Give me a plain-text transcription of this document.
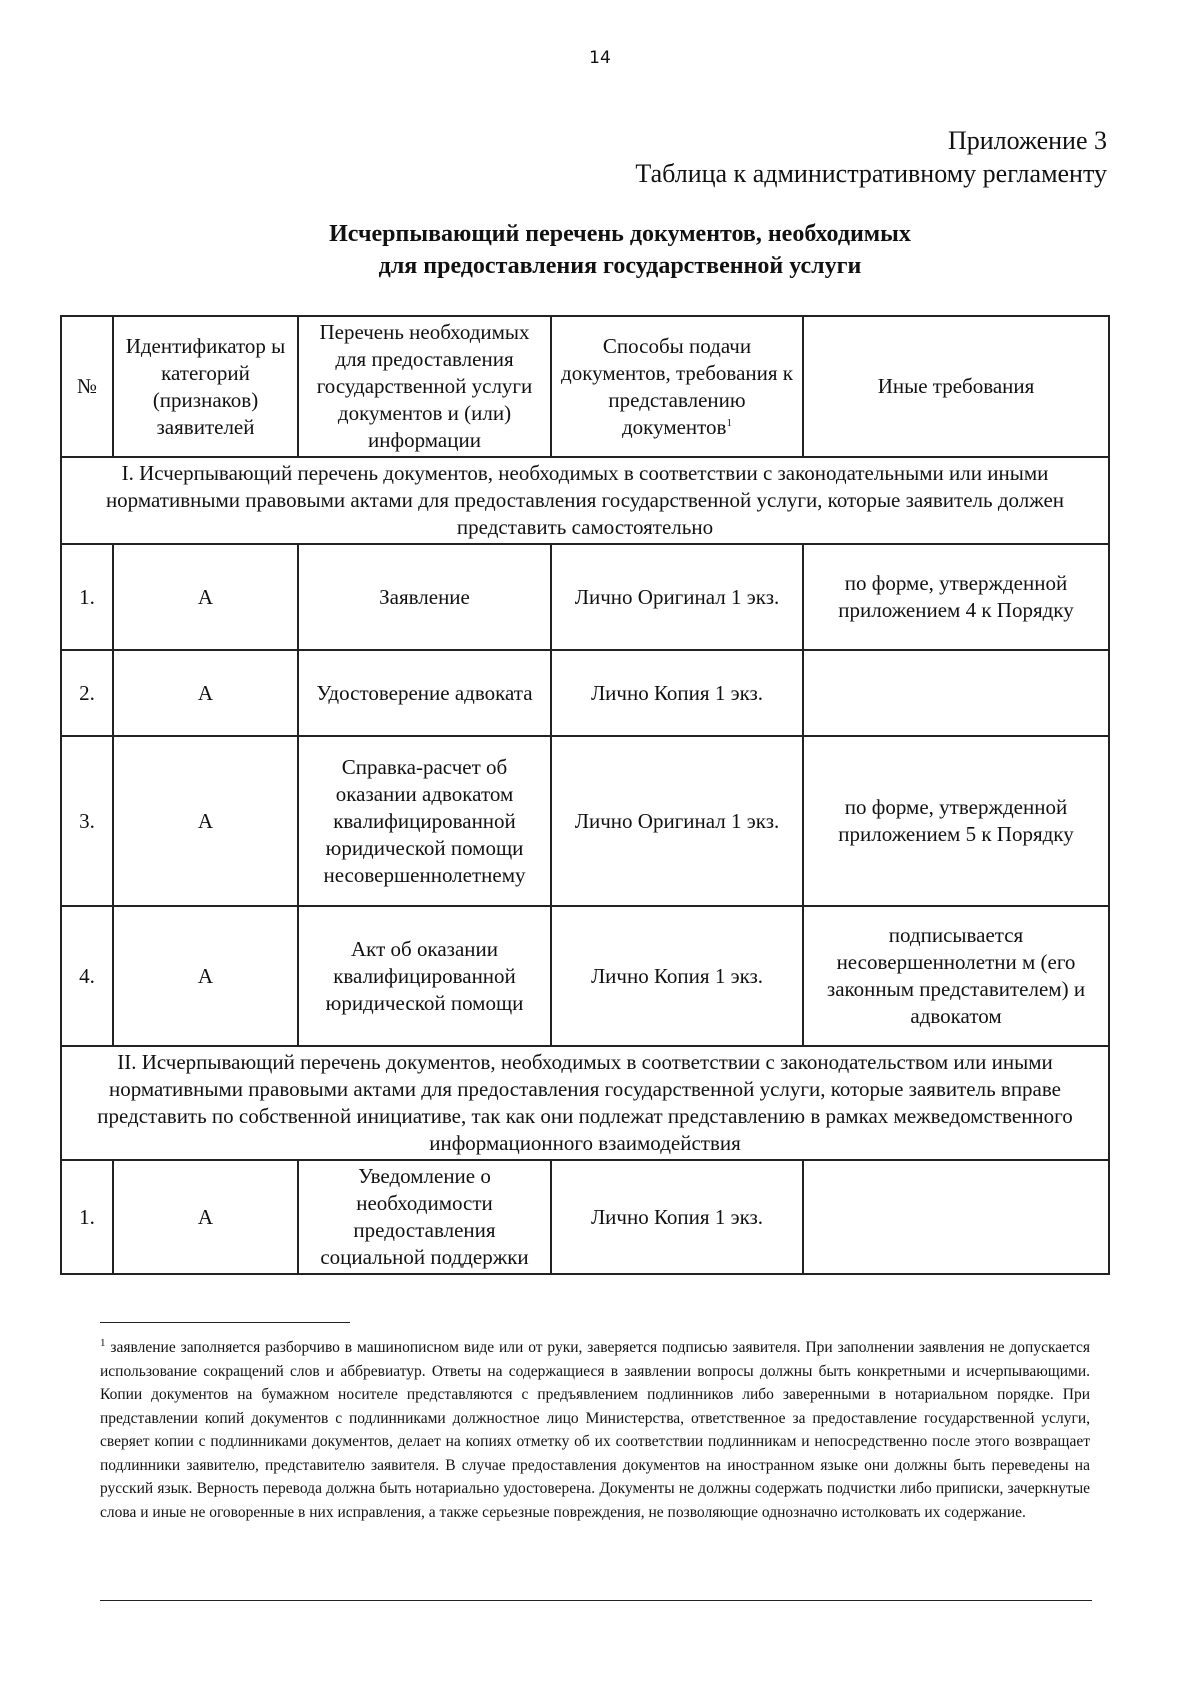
14
Приложение 3
Таблица к административному регламенту
Исчерпывающий перечень документов, необходимых
для предоставления государственной услуги
№	Идентификатор ы категорий (признаков) заявителей	Перечень необходимых для предоставления государственной услуги документов и (или) информации	Способы подачи документов, требования к представлению документов$^1$	Иные требования
I. Исчерпывающий перечень документов, необходимых в соответствии с законодательными или иными нормативными правовыми актами для предоставления государственной услуги, которые заявитель должен представить самостоятельно				
1.	А	Заявление	Лично Оригинал 1 экз.	по форме, утвержденной приложением 4 к Порядку
2.	А	Удостоверение адвоката	Лично Копия 1 экз.	
3.	А	Справка-расчет об оказании адвокатом квалифицированной юридической помощи несовершеннолетнему	Лично Оригинал 1 экз.	по форме, утвержденной приложением 5 к Порядку
4.	А	Акт об оказании квалифицированной юридической помощи	Лично Копия 1 экз.	подписывается несовершеннолетни м (его законным представителем) и адвокатом
II. Исчерпывающий перечень документов, необходимых в соответствии с законодательством или иными нормативными правовыми актами для предоставления государственной услуги, которые заявитель вправе представить по собственной инициативе, так как они подлежат представлению в рамках межведомственного информационного взаимодействия				
1.	А	Уведомление о необходимости предоставления социальной поддержки	Лично Копия 1 экз.	
$^1$ заявление заполняется разборчиво в машинописном виде или от руки, заверяется подписью заявителя. При заполнении заявления не допускается использование сокращений слов и аббревиатур. Ответы на содержащиеся в заявлении вопросы должны быть конкретными и исчерпывающими. Копии документов на бумажном носителе представляются с предъявлением подлинников либо заверенными в нотариальном порядке. При представлении копий документов с подлинниками должностное лицо Министерства, ответственное за предоставление государственной услуги, сверяет копии с подлинниками документов, делает на копиях отметку об их соответствии подлинникам и непосредственно после этого возвращает подлинники заявителю, представителю заявителя. В случае предоставления документов на иностранном языке они должны быть переведены на русский язык. Верность перевода должна быть нотариально удостоверена. Документы не должны содержать подчистки либо приписки, зачеркнутые слова и иные не оговоренные в них исправления, а также серьезные повреждения, не позволяющие однозначно истолковать их содержание.
